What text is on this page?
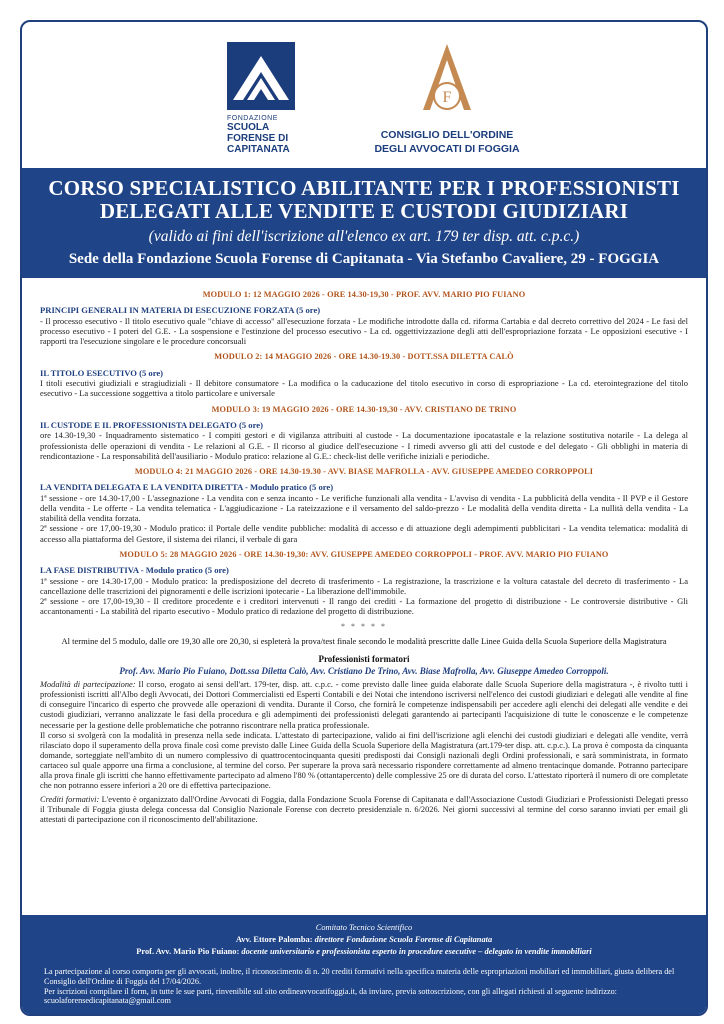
FONDAZIONE
SCUOLA
FORENSE DI
CAPITANATA
F
CONSIGLIO DELL'ORDINE
DEGLI AVVOCATI DI FOGGIA
CORSO SPECIALISTICO ABILITANTE PER I PROFESSIONISTI
DELEGATI ALLE VENDITE E CUSTODI GIUDIZIARI
(valido ai fini dell'iscrizione all'elenco ex art. 179 ter disp. att. c.p.c.)
Sede della Fondazione Scuola Forense di Capitanata - Via Stefanbo Cavaliere, 29 - FOGGIA
MODULO 1: 12 MAGGIO 2026 - ORE 14.30-19,30 - PROF. AVV. MARIO PIO FUIANO
PRINCIPI GENERALI IN MATERIA DI ESECUZIONE FORZATA (5 ore)
- Il processo esecutivo - Il titolo esecutivo quale "chiave di accesso" all'esecuzione forzata - Le modifiche introdotte dalla cd. riforma Cartabia e dal decreto correttivo del 2024 - Le fasi del processo esecutivo - I poteri del G.E. - La sospensione e l'estinzione del processo esecutivo - La cd. oggettivizzazione degli atti dell'espropriazione forzata - Le opposizioni esecutive - I rapporti tra l'esecuzione singolare e le procedure concorsuali
MODULO 2: 14 MAGGIO 2026 - ORE 14.30-19.30 - DOTT.SSA DILETTA CALÒ
IL TITOLO ESECUTIVO (5 ore)
I titoli esecutivi giudiziali e stragiudiziali - Il debitore consumatore - La modifica o la caducazione del titolo esecutivo in corso di espropriazione - La cd. eterointegrazione del titolo esecutivo - La successione soggettiva a titolo particolare e universale
MODULO 3: 19 MAGGIO 2026 - ORE 14.30-19,30 - AVV. CRISTIANO DE TRINO
IL CUSTODE E IL PROFESSIONISTA DELEGATO (5 ore)
ore 14.30-19,30 - Inquadramento sistematico - I compiti gestori e di vigilanza attribuiti al custode - La documentazione ipocatastale e la relazione sostitutiva notarile - La delega al professionista delle operazioni di vendita - Le relazioni al G.E. - Il ricorso al giudice dell'esecuzione - I rimedi avverso gli atti del custode e del delegato - Gli obblighi in materia di rendicontazione - La responsabilità dell'ausiliario - Modulo pratico: relazione al G.E.: check-list delle verifiche iniziali e periodiche.
MODULO 4: 21 MAGGIO 2026 - ORE 14.30-19.30 - AVV. BIASE MAFROLLA - AVV. GIUSEPPE AMEDEO CORROPPOLI
LA VENDITA DELEGATA E LA VENDITA DIRETTA - Modulo pratico (5 ore)
1ª sessione - ore 14.30-17,00 - L'assegnazione - La vendita con e senza incanto - Le verifiche funzionali alla vendita - L'avviso di vendita - La pubblicità della vendita - Il PVP e il Gestore della vendita - Le offerte - La vendita telematica - L'aggiudicazione - La rateizzazione e il versamento del saldo-prezzo - Le modalità della vendita diretta - La nullità della vendita - La stabilità della vendita forzata.
2ª sessione - ore 17,00-19,30 - Modulo pratico: il Portale delle vendite pubbliche: modalità di accesso e di attuazione degli adempimenti pubblicitari - La vendita telematica: modalità di accesso alla piattaforma del Gestore, il sistema dei rilanci, il verbale di gara
MODULO 5: 28 MAGGIO 2026 - ORE 14.30-19,30: AVV. GIUSEPPE AMEDEO CORROPPOLI - PROF. AVV. MARIO PIO FUIANO
LA FASE DISTRIBUTIVA - Modulo pratico (5 ore)
1ª sessione - ore 14.30-17,00 - Modulo pratico: la predisposizione del decreto di trasferimento - La registrazione, la trascrizione e la voltura catastale del decreto di trasferimento - La cancellazione delle trascrizioni dei pignoramenti e delle iscrizioni ipotecarie - La liberazione dell'immobile.
2ª sessione - ore 17,00-19,30 - Il creditore procedente e i creditori intervenuti - Il rango dei crediti - La formazione del progetto di distribuzione - Le controversie distributive - Gli accantonamenti - La stabilità del riparto esecutivo - Modulo pratico di redazione del progetto di distribuzione.
* * * * *
Al termine del 5 modulo, dalle ore 19,30 alle ore 20,30, si espleterà la prova/test finale secondo le modalità prescritte dalle Linee Guida della Scuola Superiore della Magistratura
Professionisti formatori
Prof. Avv. Mario Pio Fuiano, Dott.ssa Diletta Calò, Avv. Cristiano De Trino, Avv. Biase Mafrolla, Avv. Giuseppe Amedeo Corroppoli.
Modalità di partecipazione: Il corso, erogato ai sensi dell'art. 179-ter, disp. att. c.p.c. - come previsto dalle linee guida elaborate dalle Scuola Superiore della magistratura -, è rivolto tutti i professionisti iscritti all'Albo degli Avvocati, dei Dottori Commercialisti ed Esperti Contabili e dei Notai che intendono iscriversi nell'elenco dei custodi giudiziari e delegati alle vendite al fine di conseguire l'incarico di esperto che provvede alle operazioni di vendita. Durante il Corso, che fornirà le competenze indispensabili per accedere agli elenchi dei delegati alle vendite e dei custodi giudiziari, verranno analizzate le fasi della procedura e gli adempimenti dei professionisti delegati garantendo ai partecipanti l'acquisizione di tutte le conoscenze e le competenze necessarie per la gestione delle problematiche che potranno riscontrare nella pratica professionale.
Il corso si svolgerà con la modalità in presenza nella sede indicata. L'attestato di partecipazione, valido ai fini dell'iscrizione agli elenchi dei custodi giudiziari e delegati alle vendite, verrà rilasciato dopo il superamento della prova finale così come previsto dalle Linee Guida della Scuola Superiore della Magistratura (art.179-ter disp. att. c.p.c.). La prova è composta da cinquanta domande, sorteggiate nell'ambito di un numero complessivo di quattrocentocinquanta quesiti predisposti dai Consigli nazionali degli Ordini professionali, e sarà somministrata, in formato cartaceo sul quale apporre una firma a conclusione, al termine del corso. Per superare la prova sarà necessario rispondere correttamente ad almeno trentacinque domande. Potranno partecipare alla prova finale gli iscritti che hanno effettivamente partecipato ad almeno l'80 % (ottantapercento) delle complessive 25 ore di durata del corso. L'attestato riporterà il numero di ore completate che non potranno essere inferiori a 20 ore di effettiva partecipazione.
Crediti formativi: L'evento è organizzato dall'Ordine Avvocati di Foggia, dalla Fondazione Scuola Forense di Capitanata e dall'Associazione Custodi Giudiziari e Professionisti Delegati presso il Tribunale di Foggia giusta delega concessa dal Consiglio Nazionale Forense con decreto presidenziale n. 6/2026. Nei giorni successivi al termine del corso saranno inviati per email gli attestati di partecipazione con il riconoscimento dell'abilitazione.
Comitato Tecnico Scientifico
Avv. Ettore Palomba: direttore Fondazione Scuola Forense di Capitanata
Prof. Avv. Mario Pio Fuiano: docente universitario e professionista esperto in procedure esecutive – delegato in vendite immobiliari
La partecipazione al corso comporta per gli avvocati, inoltre, il riconoscimento di n. 20 crediti formativi nella specifica materia delle espropriazioni mobiliari ed immobiliari, giusta delibera del Consiglio dell'Ordine di Foggia del 17/04/2026.
Per iscrizioni compilare il form, in tutte le sue parti, rinvenibile sul sito ordineavvocatifoggia.it, da inviare, previa sottoscrizione, con gli allegati richiesti al seguente indirizzo: scuolaforensedicapitanata@gmail.com
